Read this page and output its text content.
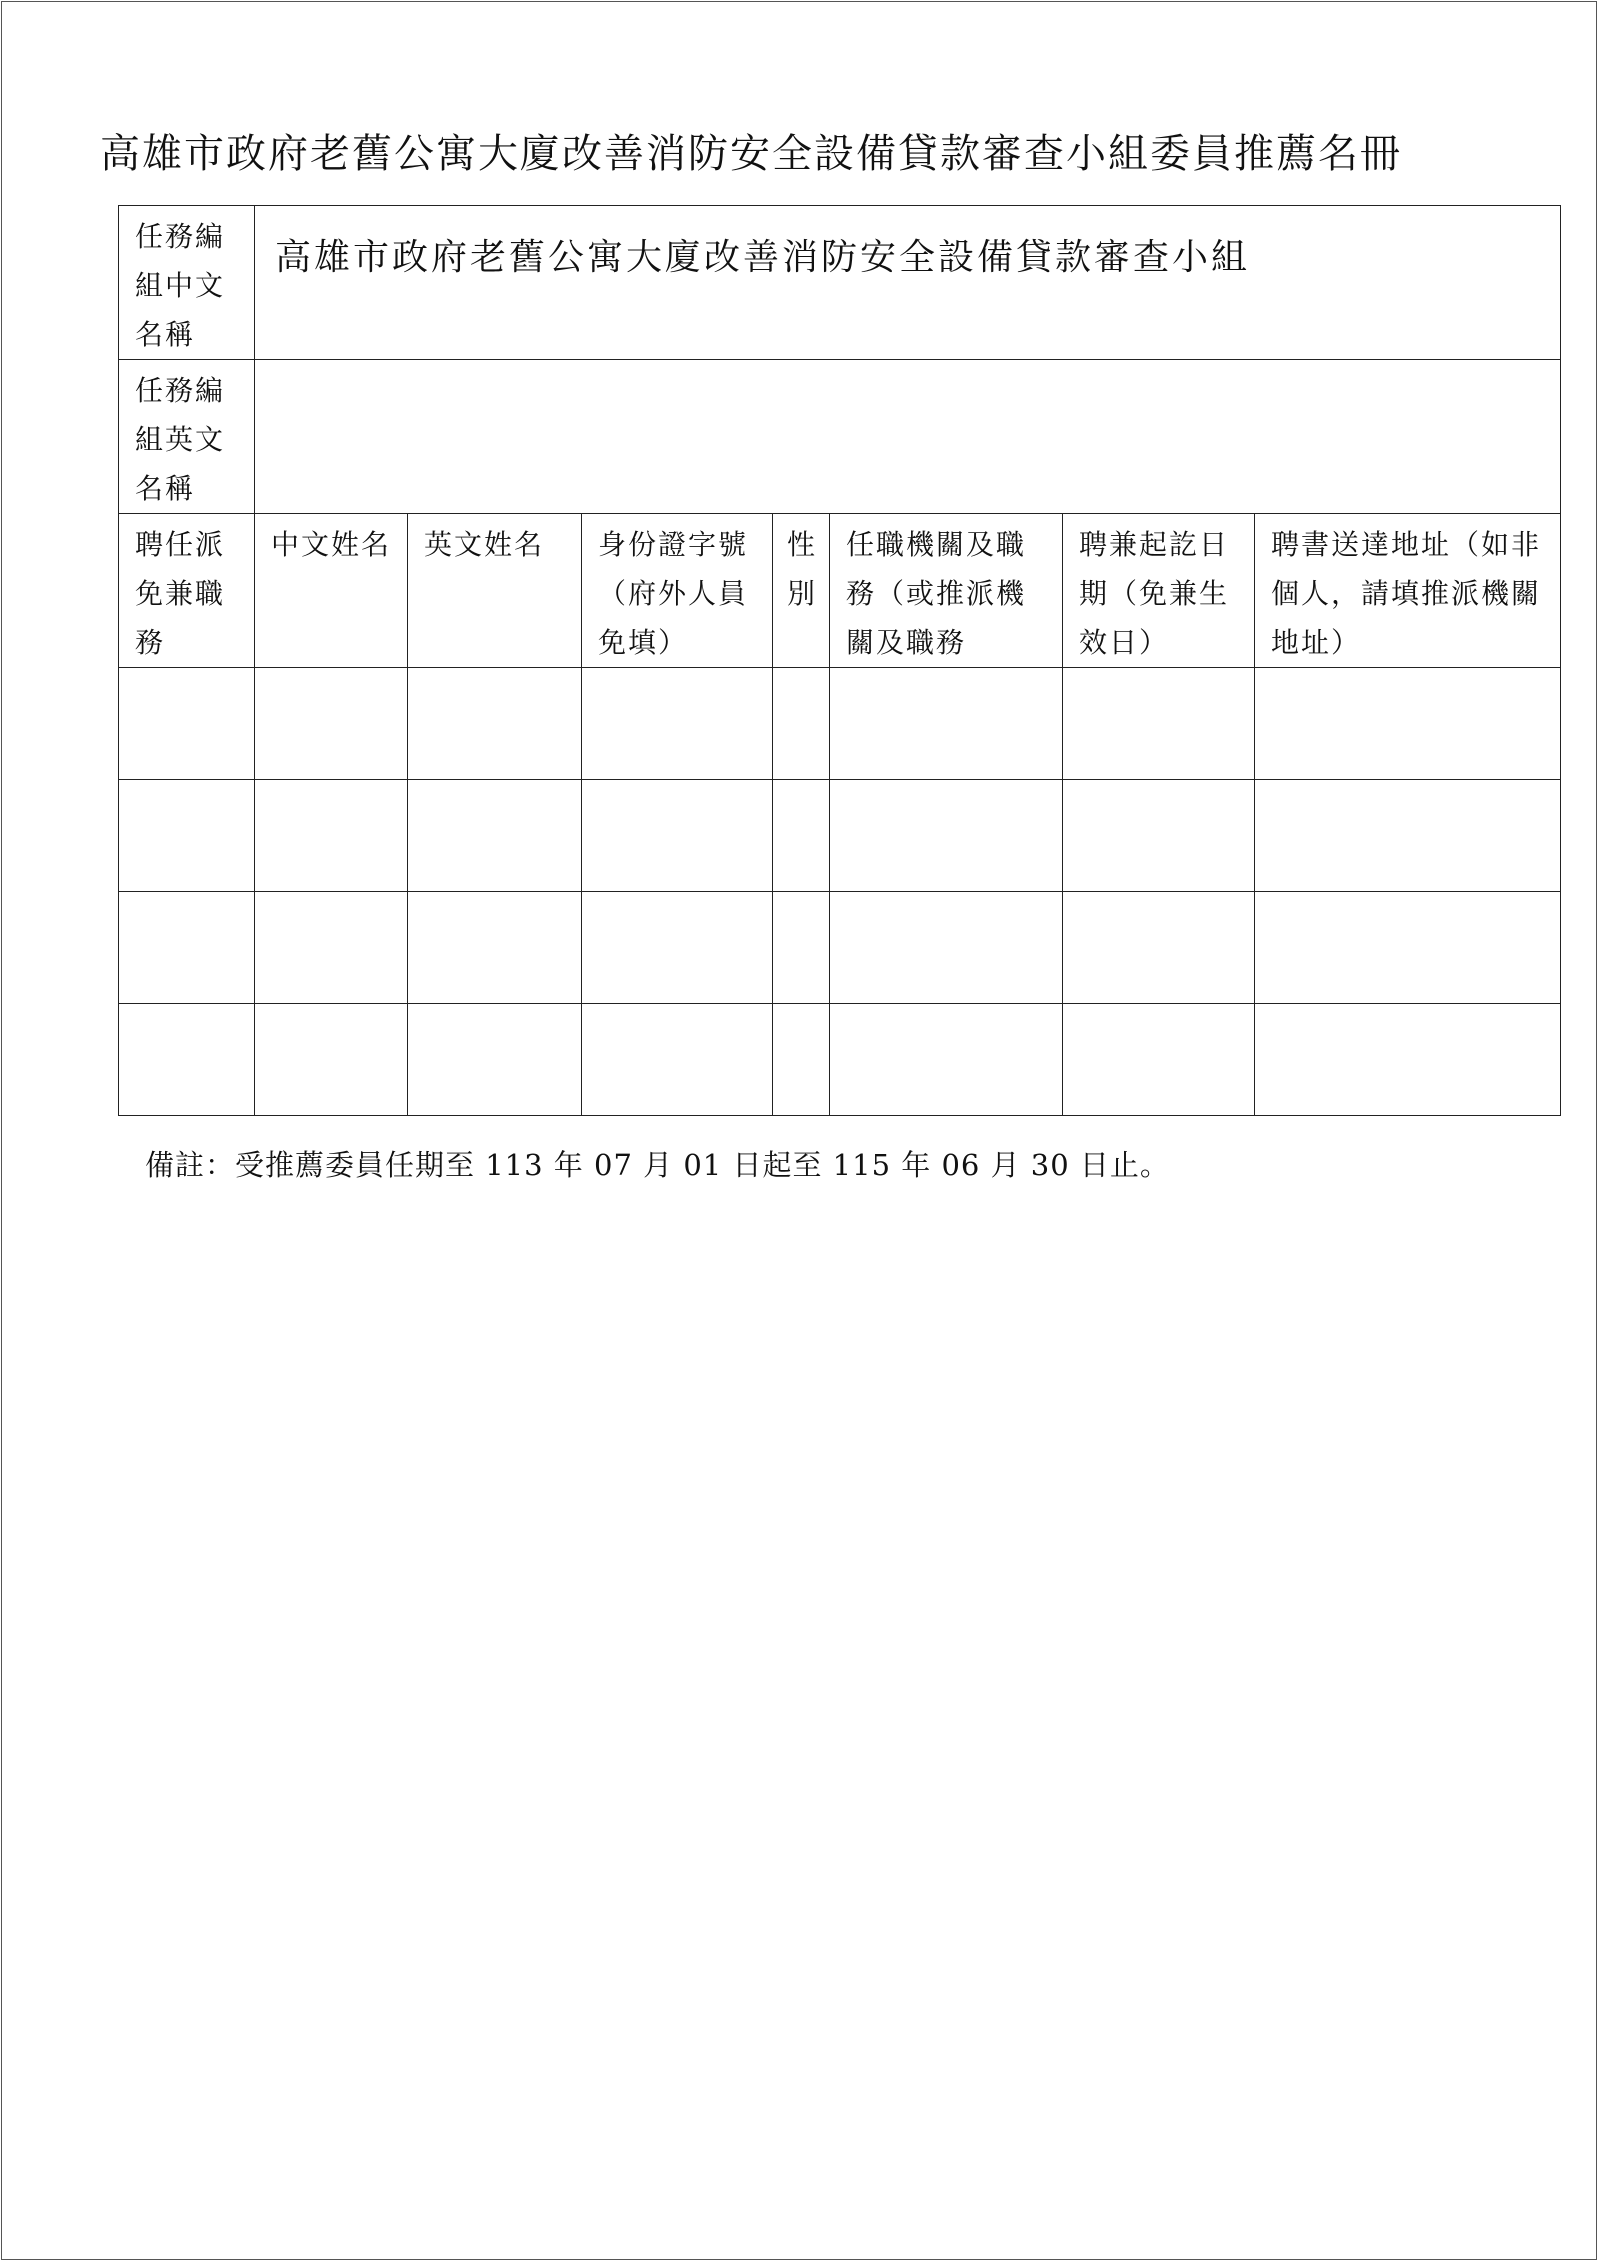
高雄市政府老舊公寓大廈改善消防安全設備貸款審查小組委員推薦名冊
任務編組中文名稱	高雄市政府老舊公寓大廈改善消防安全設備貸款審查小組						
任務編組英文名稱							
聘任派免兼職務	中文姓名	英文姓名	身份證字號（府外人員免填）	性別	任職機關及職務（或推派機關及職務	聘兼起訖日期（免兼生效日）	聘書送達地址（如非個人，請填推派機關地址）

備註：受推薦委員任期至 113 年 07 月 01 日起至 115 年 06 月 30 日止。
